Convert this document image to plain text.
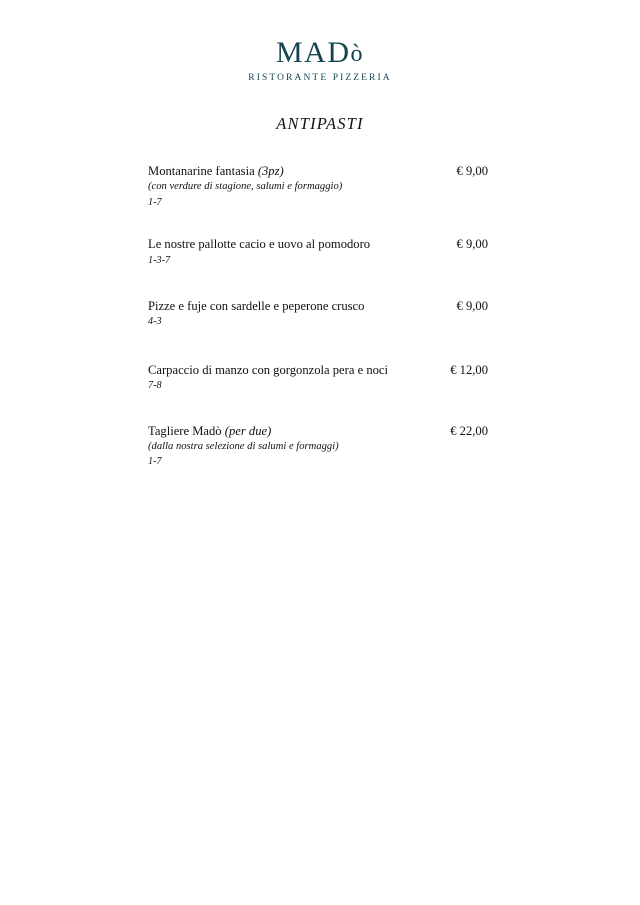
MADò
RISTORANTE PIZZERIA
ANTIPASTI
Montanarine fantasia (3pz)	€ 9,00
(con verdure di stagione, salumi e formaggio)
1-7
Le nostre pallotte cacio e uovo al pomodoro	€ 9,00
1-3-7
Pizze e fuje con sardelle e peperone crusco	€ 9,00
4-3
Carpaccio di manzo con gorgonzola pera e noci	€ 12,00
7-8
Tagliere Madò (per due)	€ 22,00
(dalla nostra selezione di salumi e formaggi)
1-7
